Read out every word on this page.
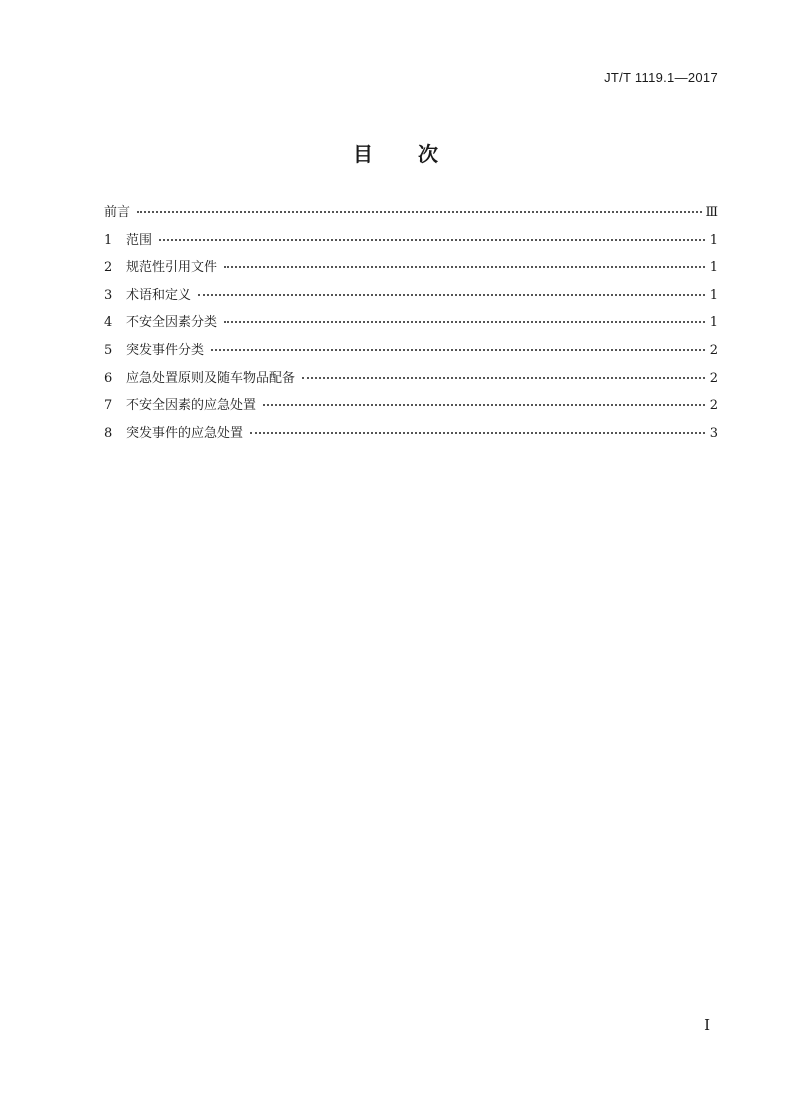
JT/T 1119.1—2017
目 次
前言	Ⅲ
1	范围	1
2	规范性引用文件	1
3	术语和定义	1
4	不安全因素分类	1
5	突发事件分类	2
6	应急处置原则及随车物品配备	2
7	不安全因素的应急处置	2
8	突发事件的应急处置	3
I
